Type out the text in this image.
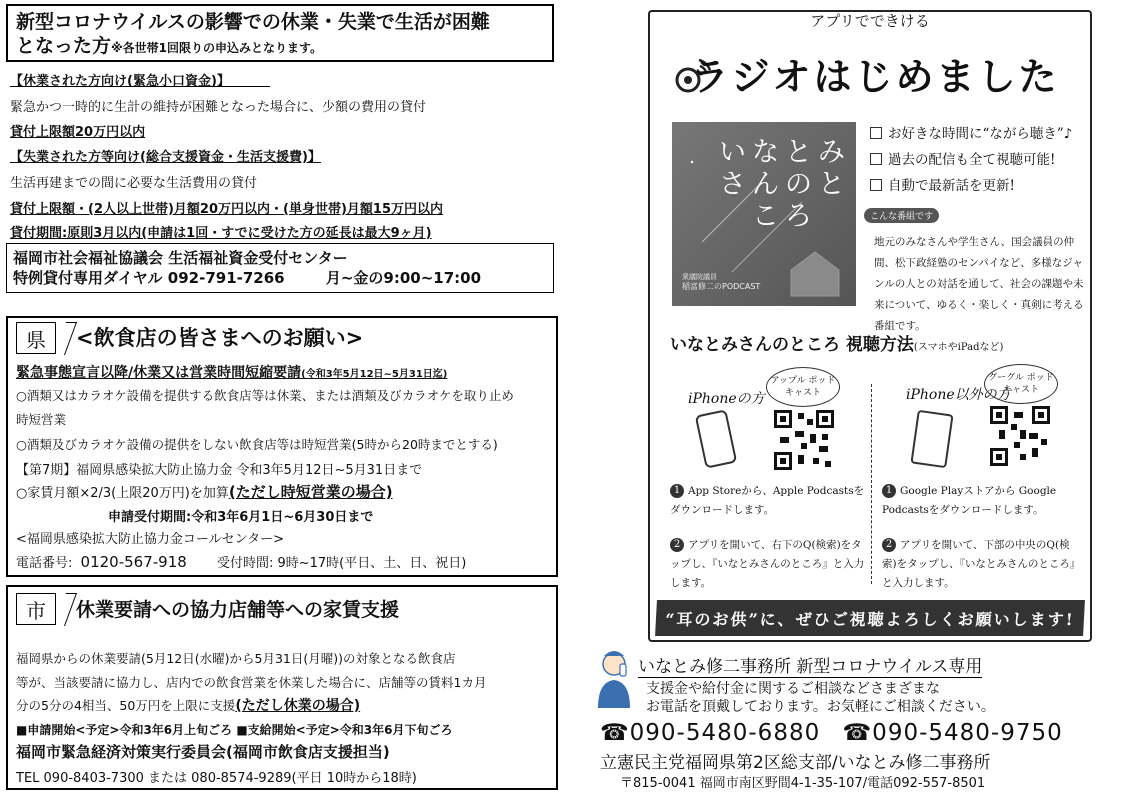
新型コロナウイルスの影響での休業・失業で生活が困難
となった方※各世帯1回限りの申込みとなります。
【休業された方向け(緊急小口資金)】
緊急かつ一時的に生計の維持が困難となった場合に、少額の費用の貸付
貸付上限額20万円以内
【失業された方等向け(総合支援資金・生活支援費)】
生活再建までの間に必要な生活費用の貸付
貸付上限額・(2人以上世帯)月額20万円以内・(単身世帯)月額15万円以内
貸付期間:原則3月以内(申請は1回・すでに受けた方の延長は最大9ヶ月)
福岡市社会福祉協議会 生活福祉資金受付センター
特例貸付専用ダイヤル 092-791-7266	月~金の9:00~17:00
県	<飲食店の皆さまへのお願い>
緊急事態宣言以降/休業又は営業時間短縮要請(令和3年5月12日~5月31日迄)
○酒類又はカラオケ設備を提供する飲食店等は休業、または酒類及びカラオケを取り止め
時短営業
○酒類及びカラオケ設備の提供をしない飲食店等は時短営業(5時から20時までとする)
【第7期】福岡県感染拡大防止協力金 令和3年5月12日~5月31日まで
○家賃月額×2/3(上限20万円)を加算(ただし時短営業の場合)
申請受付期間:令和3年6月1日~6月30日まで
<福岡県感染拡大防止協力金コールセンター>
電話番号: 0120-567-918 受付時間: 9時~17時(平日、土、日、祝日)
市	休業要請への協力店舗等への家賃支援
福岡県からの休業要請(5月12日(水曜)から5月31日(月曜))の対象となる飲食店
等が、当該要請に協力し、店内での飲食営業を休業した場合に、店舗等の賃料1カ月
分の5分の4相当、50万円を上限に支援(ただし休業の場合)
■申請開始<予定>令和3年6月上旬ごろ ■支給開始<予定>令和3年6月下旬ごろ
福岡市緊急経済対策実行委員会(福岡市飲食店支援担当)
TEL 090-8403-7300 または 080-8574-9289(平日 10時から18時)
アプリでできける
ラジオはじめました
いなとみさんのところ
衆議院議員
稲富修二のPODCAST
お好きな時間に“ながら聴き”♪
過去の配信も全て視聴可能!
自動で最新話を更新!
こんな番組です
地元のみなさんや学生さん、国会議員の仲間、松下政経塾のセンパイなど、多様なジャンルの人との対話を通して、社会の課題や未来について、ゆるく・楽しく・真剣に考える番組です。
いなとみさんのところ 視聴方法(スマホやiPadなど)
iPhoneの方
アップル ポッドキャスト	iPhone以外の方
グーグル ポッドキャスト
1 App Storeから、Apple Podcastsをダウンロードします。
2 アプリを開いて、右下のQ(検索)をタップし、『いなとみさんのところ』と入力します。
1 Google Playストアから Google Podcastsをダウンロードします。
2 アプリを開いて、下部の中央のQ(検索)をタップし、『いなとみさんのところ』と入力します。
“耳のお供”に、ぜひご視聴よろしくお願いします!
いなとみ修二事務所 新型コロナウイルス専用
支援金や給付金に関するご相談などさまざまな
お電話を頂戴しております。お気軽にご相談ください。
☎090-5480-6880 ☎090-5480-9750
立憲民主党福岡県第2区総支部/いなとみ修二事務所
〒815-0041 福岡市南区野間4-1-35-107/電話092-557-8501
